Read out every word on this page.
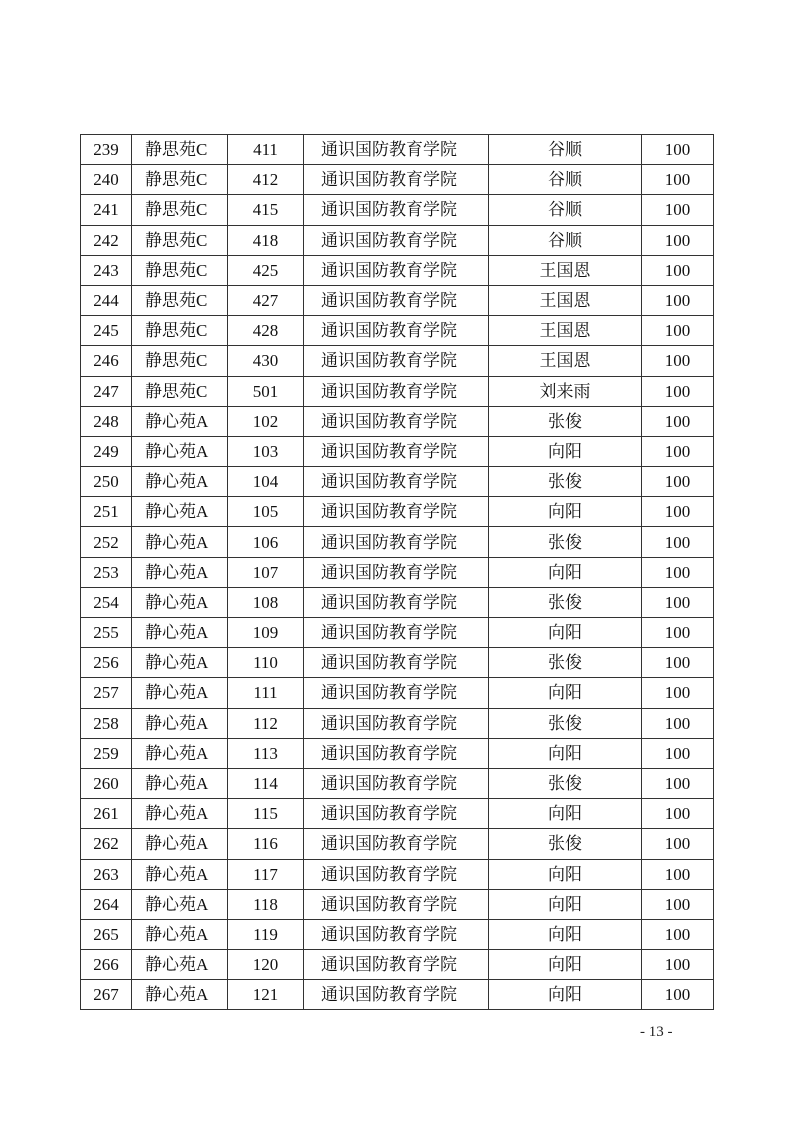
239	静思苑C	411	通识国防教育学院	谷顺	100
240	静思苑C	412	通识国防教育学院	谷顺	100
241	静思苑C	415	通识国防教育学院	谷顺	100
242	静思苑C	418	通识国防教育学院	谷顺	100
243	静思苑C	425	通识国防教育学院	王国恩	100
244	静思苑C	427	通识国防教育学院	王国恩	100
245	静思苑C	428	通识国防教育学院	王国恩	100
246	静思苑C	430	通识国防教育学院	王国恩	100
247	静思苑C	501	通识国防教育学院	刘来雨	100
248	静心苑A	102	通识国防教育学院	张俊	100
249	静心苑A	103	通识国防教育学院	向阳	100
250	静心苑A	104	通识国防教育学院	张俊	100
251	静心苑A	105	通识国防教育学院	向阳	100
252	静心苑A	106	通识国防教育学院	张俊	100
253	静心苑A	107	通识国防教育学院	向阳	100
254	静心苑A	108	通识国防教育学院	张俊	100
255	静心苑A	109	通识国防教育学院	向阳	100
256	静心苑A	110	通识国防教育学院	张俊	100
257	静心苑A	111	通识国防教育学院	向阳	100
258	静心苑A	112	通识国防教育学院	张俊	100
259	静心苑A	113	通识国防教育学院	向阳	100
260	静心苑A	114	通识国防教育学院	张俊	100
261	静心苑A	115	通识国防教育学院	向阳	100
262	静心苑A	116	通识国防教育学院	张俊	100
263	静心苑A	117	通识国防教育学院	向阳	100
264	静心苑A	118	通识国防教育学院	向阳	100
265	静心苑A	119	通识国防教育学院	向阳	100
266	静心苑A	120	通识国防教育学院	向阳	100
267	静心苑A	121	通识国防教育学院	向阳	100
- 13 -
